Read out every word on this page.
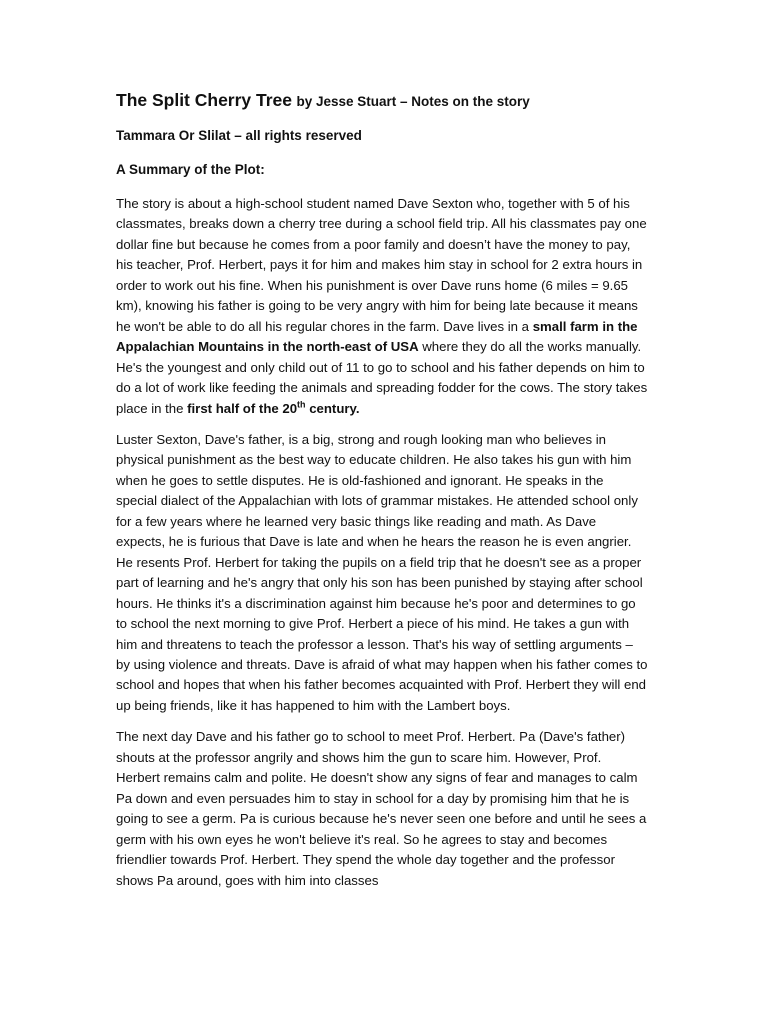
The Split Cherry Tree by Jesse Stuart – Notes on the story
Tammara Or Slilat – all rights reserved
A Summary of the Plot:

The story is about a high-school student named Dave Sexton who, together with 5 of his classmates, breaks down a cherry tree during a school field trip. All his classmates pay one dollar fine but because he comes from a poor family and doesn’t have the money to pay, his teacher, Prof. Herbert, pays it for him and makes him stay in school for 2 extra hours in order to work out his fine. When his punishment is over Dave runs home (6 miles = 9.65 km), knowing his father is going to be very angry with him for being late because it means he won't be able to do all his regular chores in the farm. Dave lives in a small farm in the Appalachian Mountains in the north-east of USA where they do all the works manually. He's the youngest and only child out of 11 to go to school and his father depends on him to do a lot of work like feeding the animals and spreading fodder for the cows. The story takes place in the first half of the 20th century.

Luster Sexton, Dave's father, is a big, strong and rough looking man who believes in physical punishment as the best way to educate children. He also takes his gun with him when he goes to settle disputes. He is old-fashioned and ignorant. He speaks in the special dialect of the Appalachian with lots of grammar mistakes. He attended school only for a few years where he learned very basic things like reading and math. As Dave expects, he is furious that Dave is late and when he hears the reason he is even angrier. He resents Prof. Herbert for taking the pupils on a field trip that he doesn't see as a proper part of learning and he's angry that only his son has been punished by staying after school hours. He thinks it's a discrimination against him because he's poor and determines to go to school the next morning to give Prof. Herbert a piece of his mind. He takes a gun with him and threatens to teach the professor a lesson. That's his way of settling arguments – by using violence and threats. Dave is afraid of what may happen when his father comes to school and hopes that when his father becomes acquainted with Prof. Herbert they will end up being friends, like it has happened to him with the Lambert boys.

The next day Dave and his father go to school to meet Prof. Herbert. Pa (Dave's father) shouts at the professor angrily and shows him the gun to scare him. However, Prof. Herbert remains calm and polite. He doesn't show any signs of fear and manages to calm Pa down and even persuades him to stay in school for a day by promising him that he is going to see a germ. Pa is curious because he's never seen one before and until he sees a germ with his own eyes he won't believe it's real. So he agrees to stay and becomes friendlier towards Prof. Herbert. They spend the whole day together and the professor shows Pa around, goes with him into classes
